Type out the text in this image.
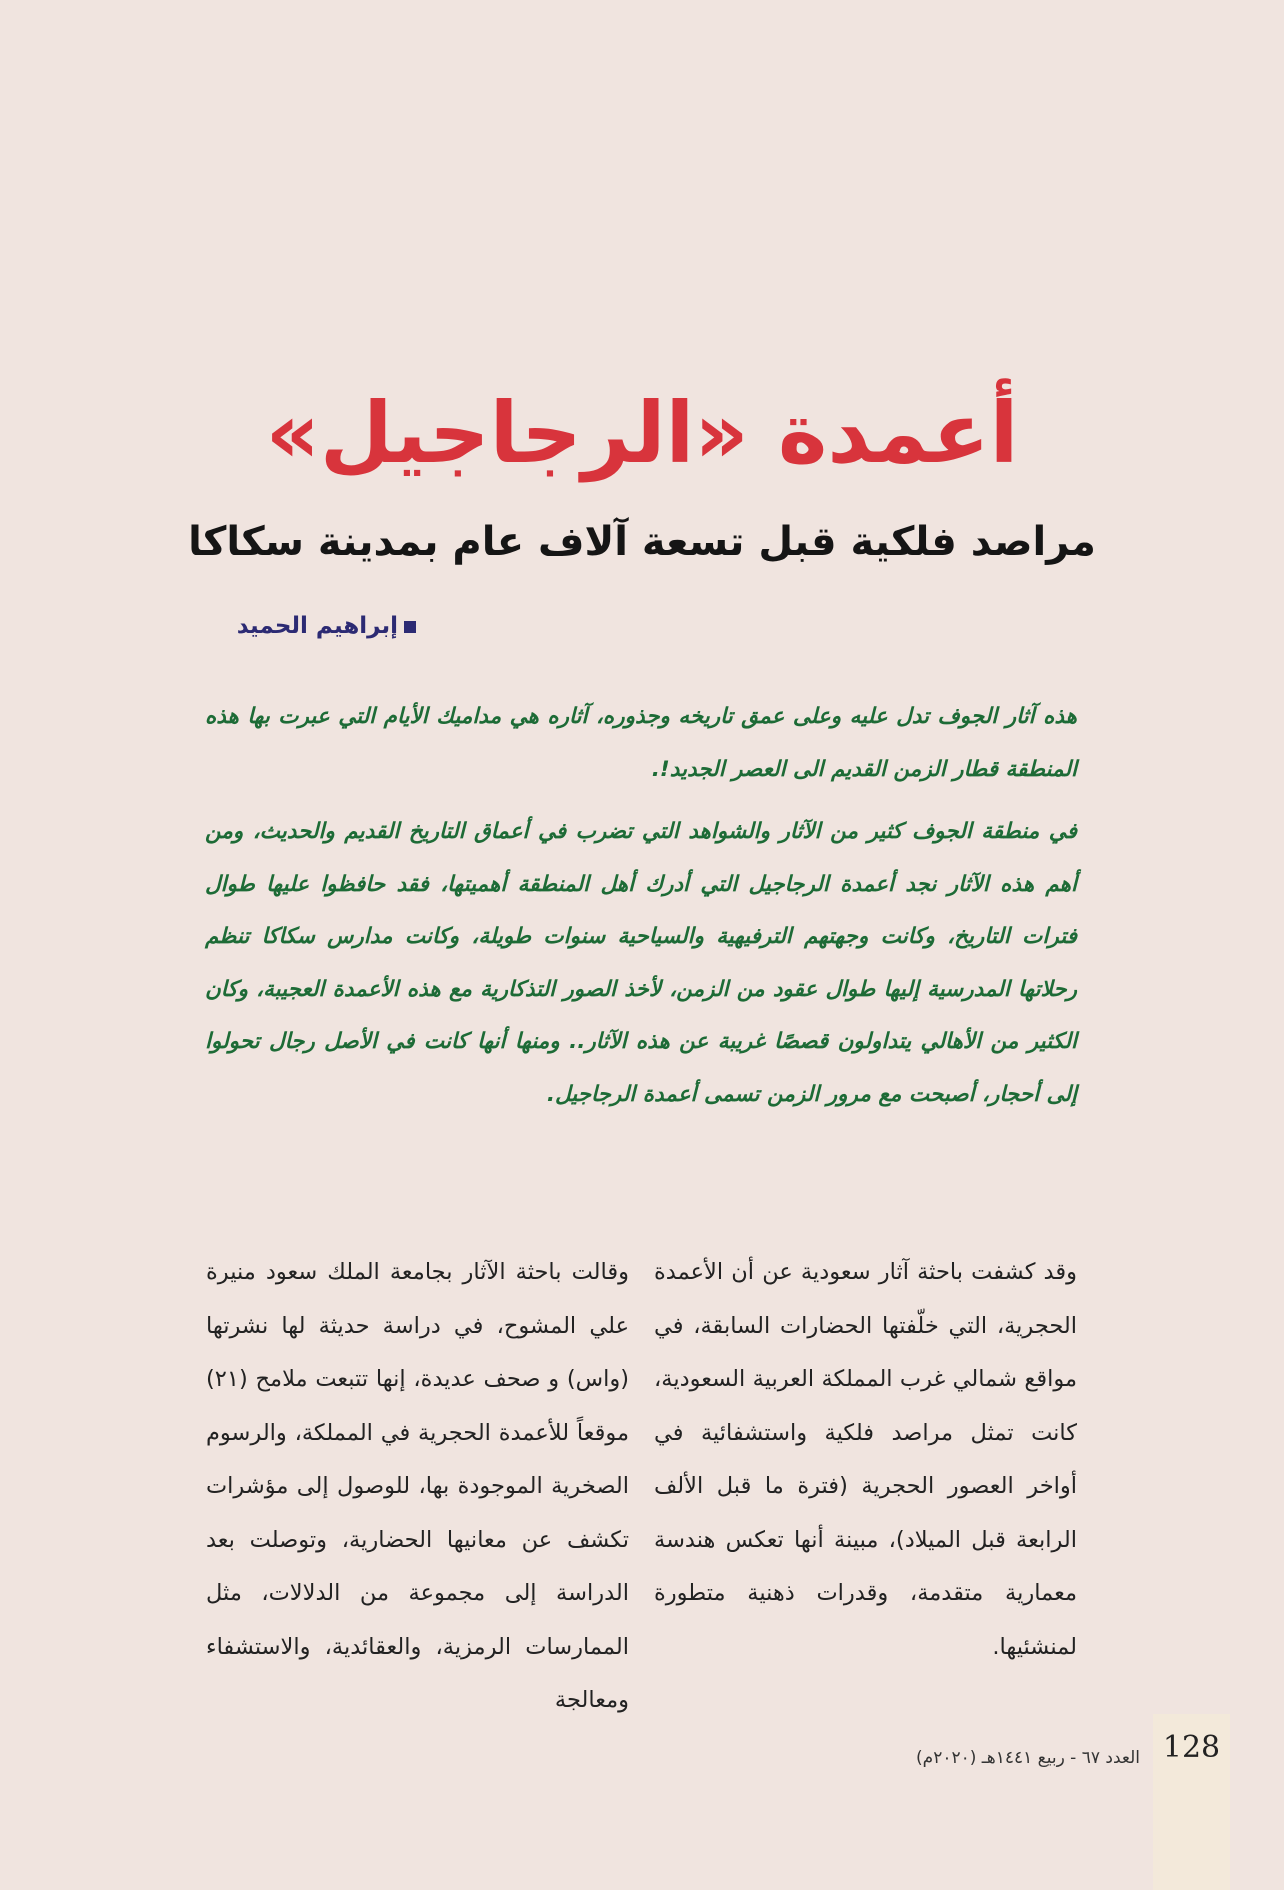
أعمدة «الرجاجيل»
مراصد فلكية قبل تسعة آلاف عام بمدينة سكاكا
إبراهيم الحميد

هذه آثار الجوف تدل عليه وعلى عمق تاريخه وجذوره، آثاره هي مداميك الأيام التي عبرت بها هذه المنطقة قطار الزمن القديم الى العصر الجديد!.

في منطقة الجوف كثير من الآثار والشواهد التي تضرب في أعماق التاريخ القديم والحديث، ومن أهم هذه الآثار نجد أعمدة الرجاجيل التي أدرك أهل المنطقة أهميتها، فقد حافظوا عليها طوال فترات التاريخ، وكانت وجهتهم الترفيهية والسياحية سنوات طويلة، وكانت مدارس سكاكا تنظم رحلاتها المدرسية إليها طوال عقود من الزمن، لأخذ الصور التذكارية مع هذه الأعمدة العجيبة، وكان الكثير من الأهالي يتداولون قصصًا غريبة عن هذه الآثار.. ومنها أنها كانت في الأصل رجال تحولوا إلى أحجار، أصبحت مع مرور الزمن تسمى أعمدة الرجاجيل.

وقد كشفت باحثة آثار سعودية عن أن الأعمدة الحجرية، التي خلّفتها الحضارات السابقة، في مواقع شمالي غرب المملكة العربية السعودية، كانت تمثل مراصد فلكية واستشفائية في أواخر العصور الحجرية (فترة ما قبل الألف الرابعة قبل الميلاد)، مبينة أنها تعكس هندسة معمارية متقدمة، وقدرات ذهنية متطورة لمنشئيها.

وقالت باحثة الآثار بجامعة الملك سعود منيرة علي المشوح، في دراسة حديثة لها نشرتها (واس) و صحف عديدة، إنها تتبعت ملامح (٢١) موقعاً للأعمدة الحجرية في المملكة، والرسوم الصخرية الموجودة بها، للوصول إلى مؤشرات تكشف عن معانيها الحضارية، وتوصلت بعد الدراسة إلى مجموعة من الدلالات، مثل الممارسات الرمزية، والعقائدية، والاستشفاء ومعالجة

العدد ٦٧ - ربيع ١٤٤١هـ (٢٠٢٠م) 128
